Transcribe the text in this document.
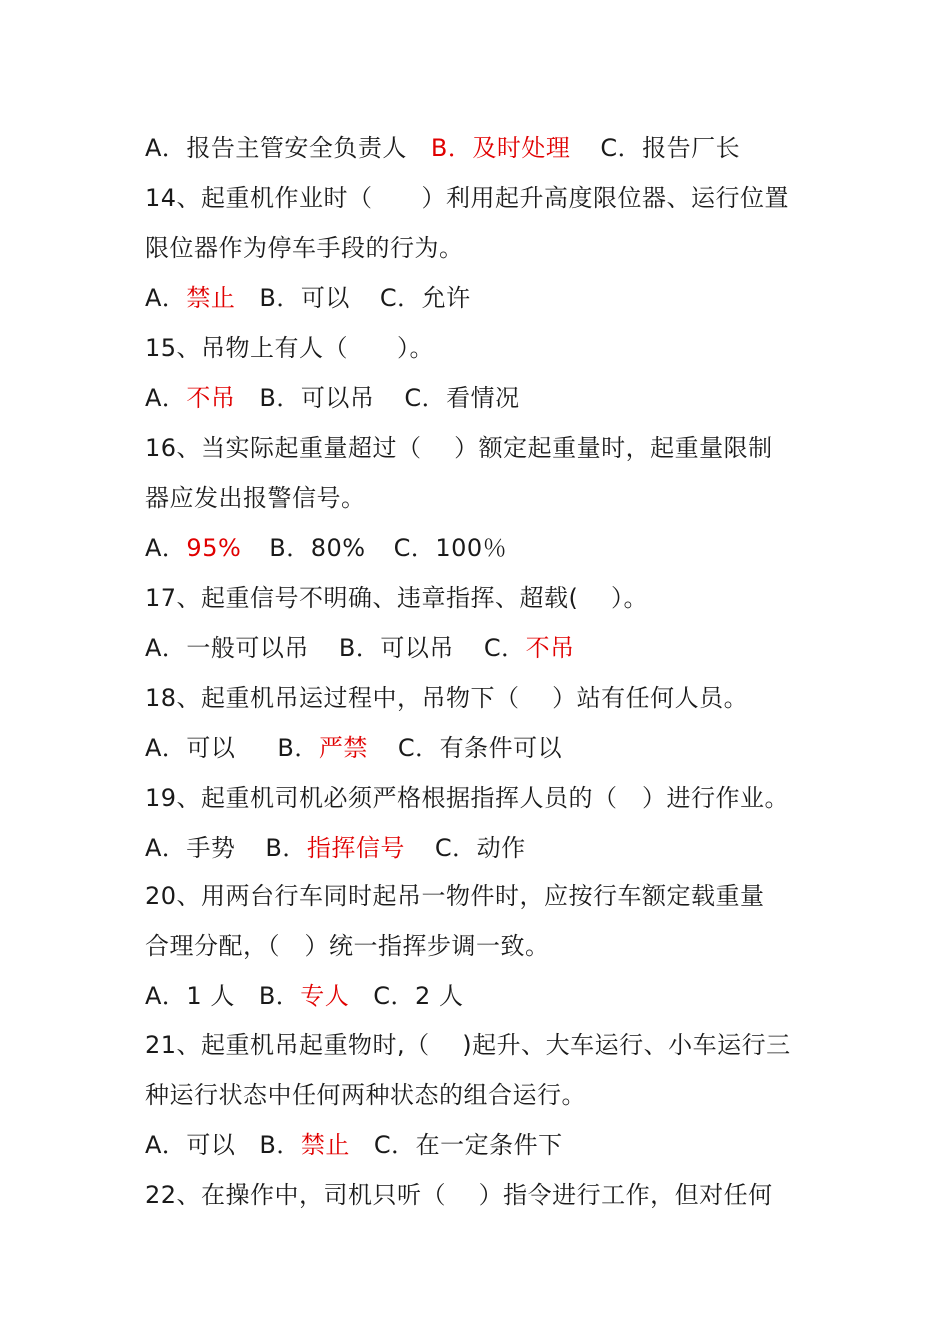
A．报告主管安全负责人 B．及时处理 C．报告厂长
14、起重机作业时（　　）利用起升高度限位器、运行位置
限位器作为停车手段的行为。
A．禁止 B．可以 C．允许
15、吊物上有人（　　）。
A．不吊 B．可以吊 C．看情况
16、当实际起重量超过（　 ）额定起重量时，起重量限制
器应发出报警信号。
A．95% B．80% C．100％
17、起重信号不明确、违章指挥、超载(　 ）。
A．一般可以吊 B．可以吊 C．不吊
18、起重机吊运过程中，吊物下（　 ）站有任何人员。
A．可以 B．严禁 C．有条件可以
19、起重机司机必须严格根据指挥人员的（　）进行作业。
A．手势 B．指挥信号 C．动作
20、用两台行车同时起吊一物件时，应按行车额定载重量
合理分配，（　）统一指挥步调一致。
A．1 人 B．专人 C．2 人
21、起重机吊起重物时,（　 )起升、大车运行、小车运行三
种运行状态中任何两种状态的组合运行。
A．可以 B．禁止 C．在一定条件下
22、在操作中，司机只听（　 ）指令进行工作，但对任何
